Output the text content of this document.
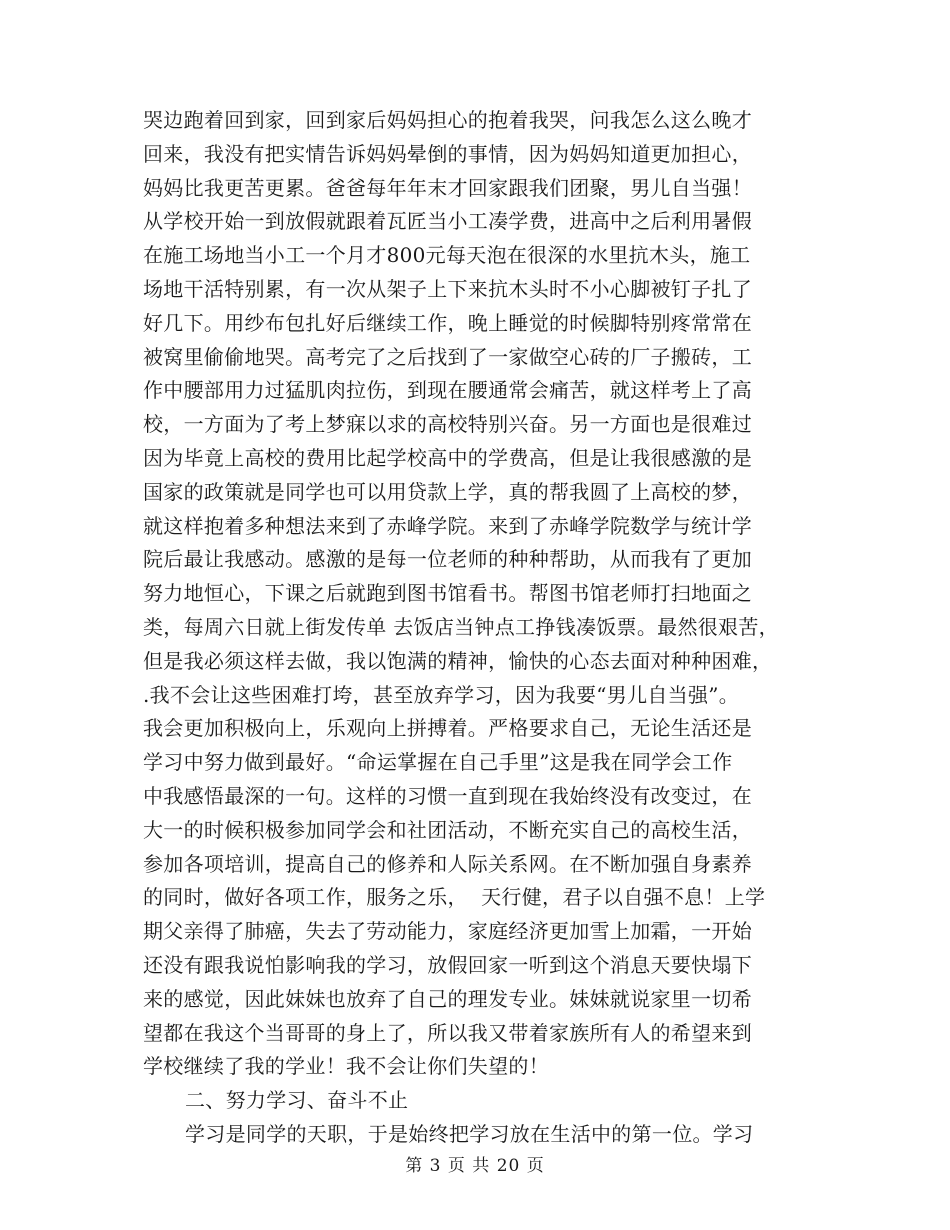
哭边跑着回到家，回到家后妈妈担心的抱着我哭，问我怎么这么晚才
回来，我没有把实情告诉妈妈晕倒的事情，因为妈妈知道更加担心，
妈妈比我更苦更累。爸爸每年年末才回家跟我们团聚，男儿自当强！
从学校开始一到放假就跟着瓦匠当小工凑学费，进高中之后利用暑假
在施工场地当小工一个月才800元每天泡在很深的水里抗木头，施工
场地干活特别累，有一次从架子上下来抗木头时不小心脚被钉子扎了
好几下。用纱布包扎好后继续工作，晚上睡觉的时候脚特别疼常常在
被窝里偷偷地哭。高考完了之后找到了一家做空心砖的厂子搬砖，工
作中腰部用力过猛肌肉拉伤，到现在腰通常会痛苦，就这样考上了高
校，一方面为了考上梦寐以求的高校特别兴奋。另一方面也是很难过
因为毕竟上高校的费用比起学校高中的学费高，但是让我很感激的是
国家的政策就是同学也可以用贷款上学，真的帮我圆了上高校的梦，
就这样抱着多种想法来到了赤峰学院。来到了赤峰学院数学与统计学
院后最让我感动。感激的是每一位老师的种种帮助，从而我有了更加
努力地恒心，下课之后就跑到图书馆看书。帮图书馆老师打扫地面之
类，每周六日就上街发传单 去饭店当钟点工挣钱凑饭票。最然很艰苦，
但是我必须这样去做，我以饱满的精神，愉快的心态去面对种种困难，
.我不会让这些困难打垮，甚至放弃学习，因为我要“男儿自当强”。
我会更加积极向上，乐观向上拼搏着。严格要求自己，无论生活还是
学习中努力做到最好。“命运掌握在自己手里”这是我在同学会工作
中我感悟最深的一句。这样的习惯一直到现在我始终没有改变过，在
大一的时候积极参加同学会和社团活动，不断充实自己的高校生活，
参加各项培训，提高自己的修养和人际关系网。在不断加强自身素养
的同时，做好各项工作，服务之乐，  天行健，君子以自强不息！上学
期父亲得了肺癌，失去了劳动能力，家庭经济更加雪上加霜，一开始
还没有跟我说怕影响我的学习，放假回家一听到这个消息天要快塌下
来的感觉，因此妹妹也放弃了自己的理发专业。妹妹就说家里一切希
望都在我这个当哥哥的身上了，所以我又带着家族所有人的希望来到
学校继续了我的学业！我不会让你们失望的！
二、努力学习、奋斗不止
学习是同学的天职，于是始终把学习放在生活中的第一位。学习
第 3 页 共 20 页
